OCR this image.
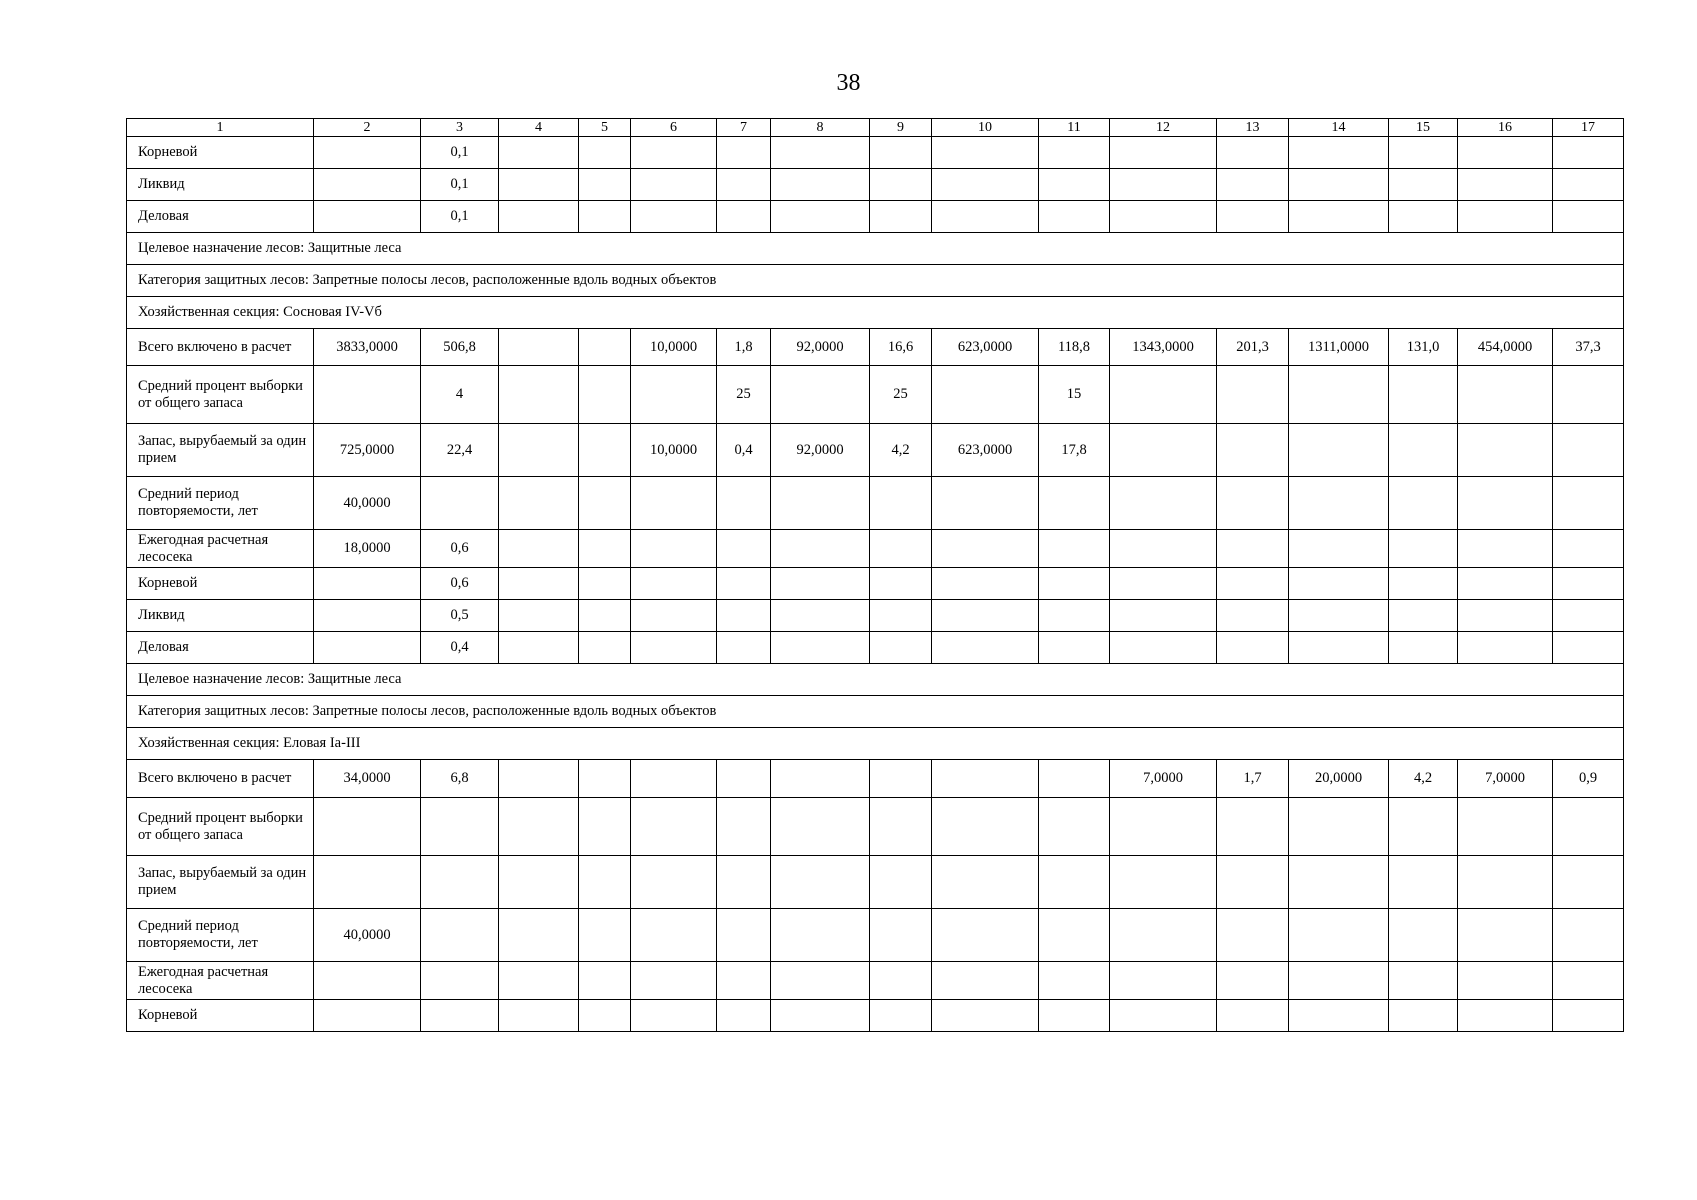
38
1	2	3	4	5	6	7	8	9	10	11	12	13	14	15	16	17
Корневой		0,1														
Ликвид		0,1														
Деловая		0,1														
Целевое назначение лесов: Защитные леса																
Категория защитных лесов: Запретные полосы лесов, расположенные вдоль водных объектов																
Хозяйственная секция: Сосновая IV-Vб																
Всего включено в расчет	3833,0000	506,8			10,0000	1,8	92,0000	16,6	623,0000	118,8	1343,0000	201,3	1311,0000	131,0	454,0000	37,3
Средний процент выборки от общего запаса		4				25		25		15						
Запас, вырубаемый за один прием	725,0000	22,4			10,0000	0,4	92,0000	4,2	623,0000	17,8						
Средний период повторяемости, лет	40,0000															
Ежегодная расчетная лесосека	18,0000	0,6														
Корневой		0,6														
Ликвид		0,5														
Деловая		0,4														
Целевое назначение лесов: Защитные леса																
Категория защитных лесов: Запретные полосы лесов, расположенные вдоль водных объектов																
Хозяйственная секция: Еловая Ia-III																
Всего включено в расчет	34,0000	6,8									7,0000	1,7	20,0000	4,2	7,0000	0,9
Средний процент выборки от общего запаса																
Запас, вырубаемый за один прием																
Средний период повторяемости, лет	40,0000															
Ежегодная расчетная лесосека																
Корневой																
